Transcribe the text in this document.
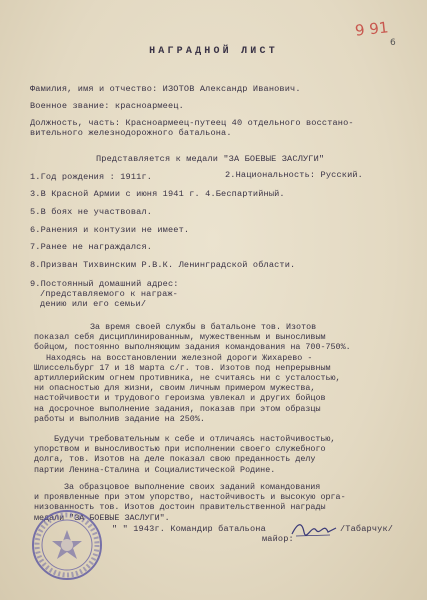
9 91
6
НАГРАДНОЙ ЛИСТ
Фамилия, имя и отчество: ИЗОТОВ Александр Иванович.
Военное звание: красноармеец.
Должность, часть: Красноармеец-путеец 40 отдельного восстано-
вительного железнодорожного батальона.
Представляется к медали "ЗА БОЕВЫЕ ЗАСЛУГИ"
1.Год рождения : 1911г.	2.Национальность: Русский.
3.В Красной Армии с июня 1941 г. 4.Беспартийный.
5.В боях не участвовал.
6.Ранения и контузии не имеет.
7.Ранее не награждался.
8.Призван Тихвинским Р.В.К. Ленинградской области.
9.Постоянный домашний адрес:
/представляемого к награж-
дению или его семьи/
За время своей службы в батальоне тов. Изотов
показал себя дисциплинированным, мужественным и выносливым
бойцом, постоянно выполняющим задания командования на 700-750%.
Находясь на восстановлении железной дороги Жихарево -
Шлиссельбург 17 и 18 марта с/г. тов. Изотов под непрерывным
артиллерийским огнем противника, не считаясь ни с усталостью,
ни опасностью для жизни, своим личным примером мужества,
настойчивости и трудового героизма увлекал и других бойцов
на досрочное выполнение задания, показав при этом образцы
работы и выполнив задание на 250%.
Будучи требовательным к себе и отличаясь настойчивостью,
упорством и выносливостью при исполнении своего служебного
долга, тов. Изотов на деле показал свою преданность делу
партии Ленина-Сталина и Социалистической Родине.
За образцовое выполнение своих заданий командования
и проявленные при этом упорство, настойчивость и высокую орга-
низованность тов. Изотов достоин правительственной награды
медали "ЗА БОЕВЫЕ ЗАСЛУГИ".
" " 1943г. Командир батальона
майор:
/Табарчук/
